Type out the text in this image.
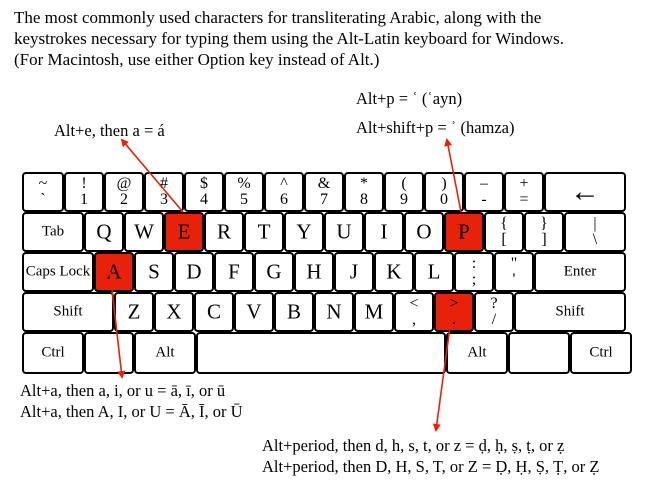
The most commonly used characters for transliterating Arabic, along with the
keystrokes necessary for typing them using the Alt-Latin keyboard for Windows.
(For Macintosh, use either Option key instead of Alt.)
Alt+p = ʿ (ʿayn)
Alt+shift+p = ʾ (hamza)
Alt+e, then a = á
Alt+a, then a, i, or u = ā, ī, or ū
Alt+a, then A, I, or U = Ā, Ī, or Ū
Alt+period, then d, h, s, t, or z = ḍ, ḥ, ṣ, ṭ, or ẓ
Alt+period, then D, H, S, T, or Z = Ḍ, Ḥ, Ṣ, Ṭ, or Ẓ
~
`
!
1
@
2
#
3
$
4
%
5
^
6
&
7
*
8
(
9
)
0
–
-
+
=	←
Tab	Q	W	E	R	T	Y	U	I	O	P	{
[
}
]
|
\
Caps Lock A	S	D	F	G	H	J	K	L	:
;
"
'	Enter
Shift	Z	X	C	V	B	N	M	<
,
>
.
?
/	Shift
Ctrl	Alt	Alt	Ctrl
